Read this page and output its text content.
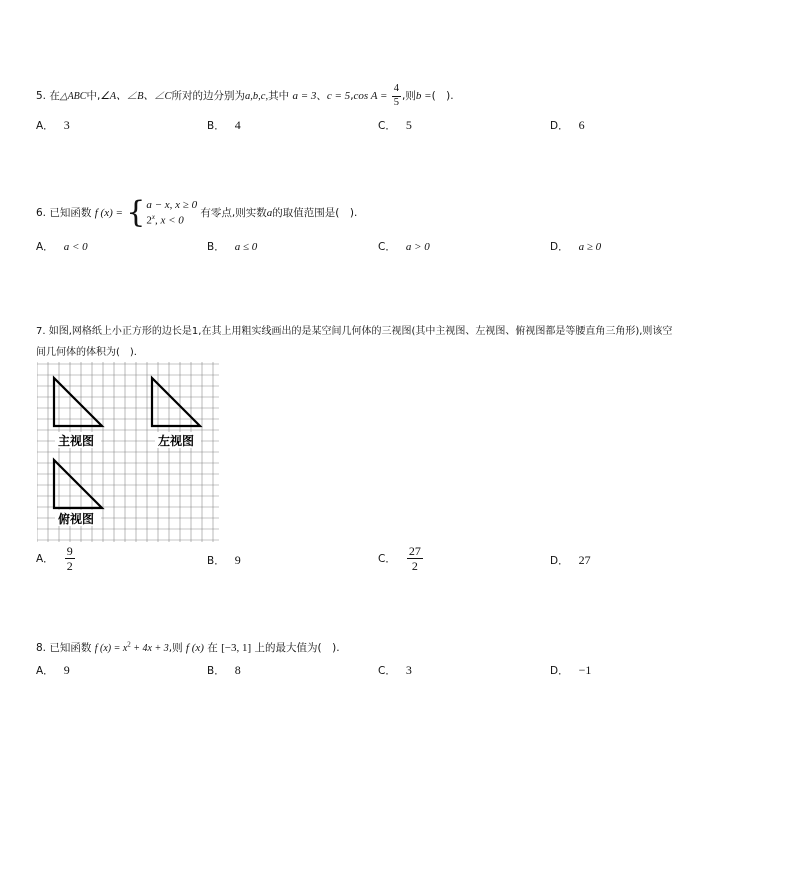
5. 在△ABC中,∠A、∠B、∠C所对的边分别为a,b,c,其中 a = 3、c = 5,cos $A = \frac{4}{5}$ ,则b =(　).
A． 3	B． 4	C． 5	D． 6
6. 已知函数 f (x) = { a − x, x ≥ 0
2$^x$, x < 0
有零点,则实数a的取值范围是(　).
A． a < 0	B． a ≤ 0	C． a > 0	D． a ≥ 0
7. 如图,网格纸上小正方形的边长是1,在其上用粗实线画出的是某空间几何体的三视图(其中主视图、左视图、俯视图都是等腰直角三角形),则该空
间几何体的体积为(　).
主视图	左视图
俯视图
A． $\frac{9}{2}$	B． 9	C． $\frac{27}{2}$	D． 27
8. 已知函数 f $(x) = x^2 + 4x + 3$,则 f (x) 在 [−3, 1] 上的最大值为(　).
A． 9	B． 8	C． 3	D． −1
